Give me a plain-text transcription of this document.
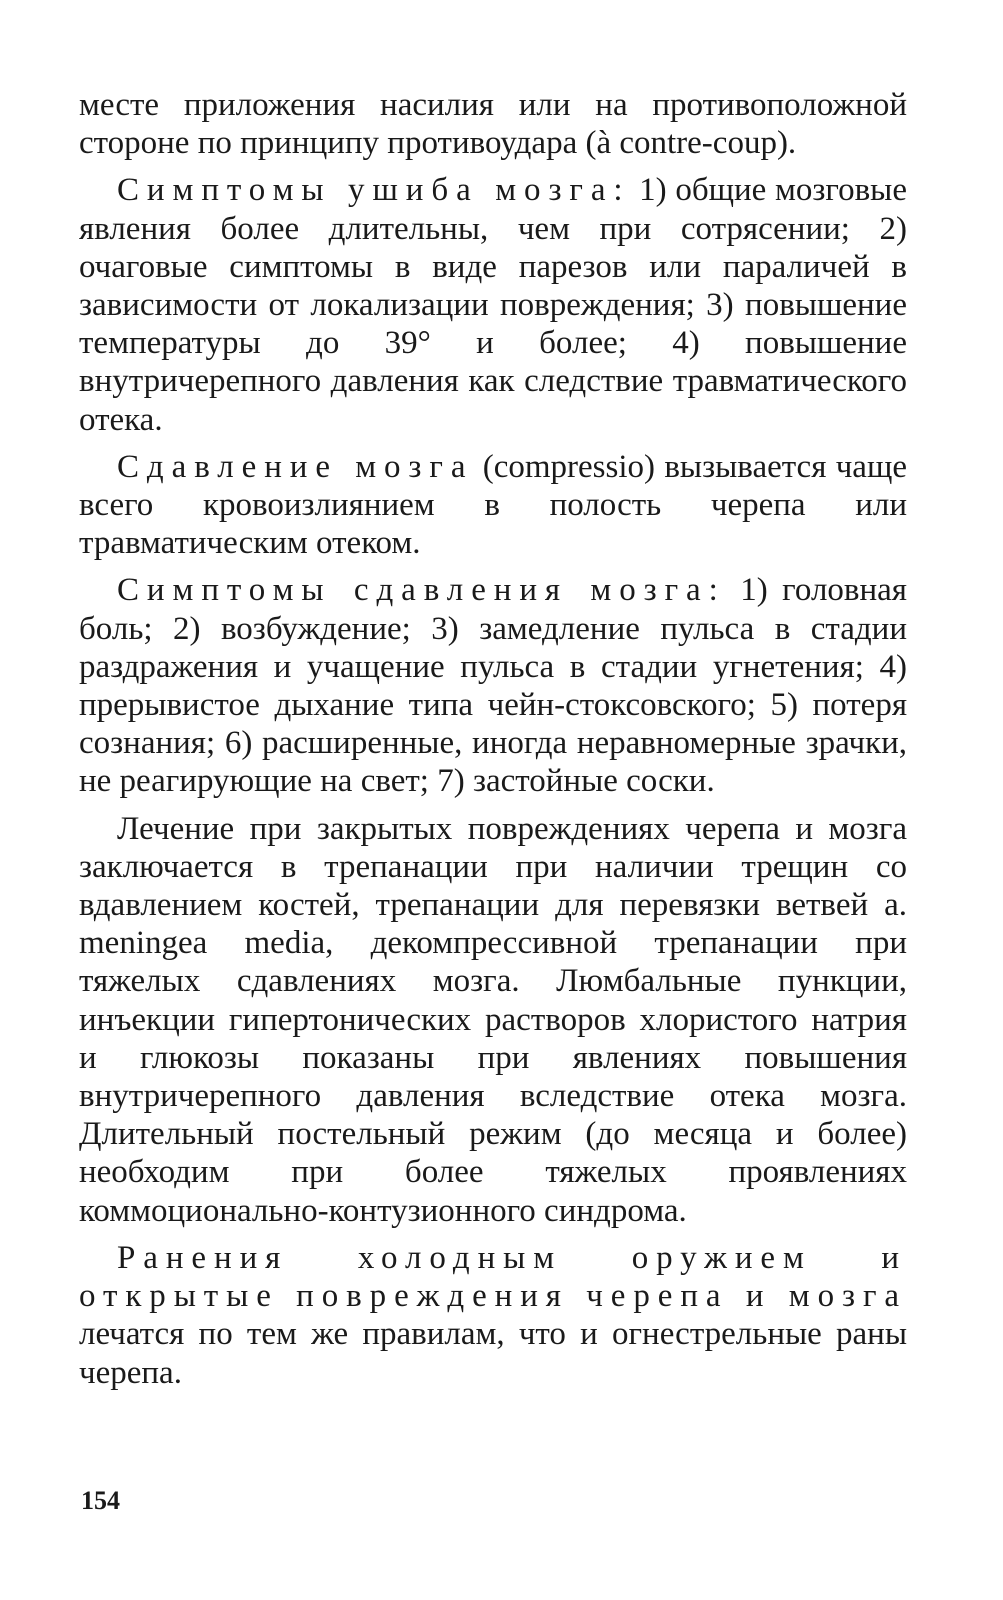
месте приложения насилия или на противоположной стороне по принципу противоудара (à contre-coup).

Симптомы ушиба мозга: 1) общие мозговые явления более длительны, чем при сотрясении; 2) очаговые симптомы в виде парезов или параличей в зависимости от локализации повреждения; 3) повышение температуры до 39° и более; 4) повышение внутричерепного давления как следствие травматического отека.

Сдавление мозга (compressio) вызывается чаще всего кровоизлиянием в полость черепа или травматическим отеком.

Симптомы сдавления мозга: 1) головная боль; 2) возбуждение; 3) замедление пульса в стадии раздражения и учащение пульса в стадии угнетения; 4) прерывистое дыхание типа чейн-стоксовского; 5) потеря сознания; 6) расширенные, иногда неравномерные зрачки, не реагирующие на свет; 7) застойные соски.

Лечение при закрытых повреждениях черепа и мозга заключается в трепанации при наличии трещин со вдавлением костей, трепанации для перевязки ветвей a. meningea media, декомпрессивной трепанации при тяжелых сдавлениях мозга. Люмбальные пункции, инъекции гипертонических растворов хлористого натрия и глюкозы показаны при явлениях повышения внутричерепного давления вследствие отека мозга. Длительный постельный режим (до месяца и более) необходим при более тяжелых проявлениях коммоционально-контузионного синдрома.

Ранения холодным оружием и открытые повреждения черепа и мозга лечатся по тем же правилам, что и огнестрельные раны черепа.

154
